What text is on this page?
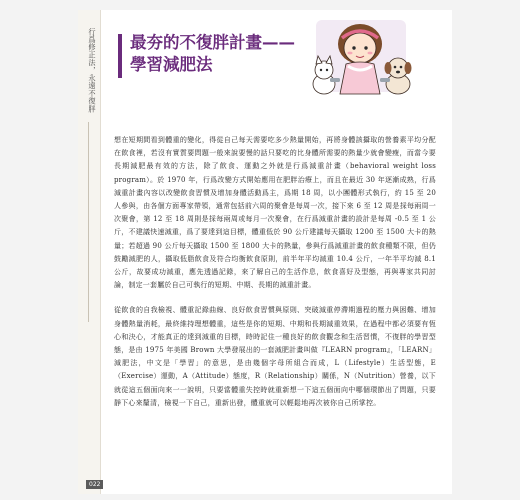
行爲修正法，永遠不復胖 最夯的不復胖計畫——
學習減肥法

想在短期間看到體重的變化，得從自己每天需要吃多少熱量開始，再將身體該攝取的營養素平均分配在飲食裡，若沒有實質要問題一般來說要慢的話只要吃的比身體所需要的熱量少就會變瘦，而當今要長期減肥最有效的方法，除了飲食、運動之外就是行爲減重計畫（behavioral weight loss program）。於 1970 年，行爲改變方式開始應用在肥胖治療上，而且在最近 30 年逐漸成熟，行爲減重計畫內容以改變飲食習慣及增加身體活動爲主，爲期 18 周，以小團體形式執行，約 15 至 20 人參與，由各個方面專家帶領，通常包括前六周的聚會是每周一次，接下來 6 至 12 周是採每兩周一次聚會，第 12 至 18 周則是採每兩周或每月一次聚會，在行爲減重計畫的設計是每周 -0.5 至 1 公斤，不建議快速減重，爲了要達到這目標，體重低於 90 公斤建議每天攝取 1200 至 1500 大卡的熱量；若超過 90 公斤每天攝取 1500 至 1800 大卡的熱量，參與行爲減重計畫的飲食種類不限，但仍鼓勵減肥的人，攝取低脂飲食及符合均衡飲食原則，前半年平均減重 10.4 公斤，一年半平均減 8.1 公斤，故要成功減重，應先透過記錄，來了解自己的生活作息，飲食喜好及型態，再與專家共同討論，制定一套屬於自己可執行的短期、中期、長期的減重計畫。

從飲食的自我檢視、體重記錄曲線、良好飲食習慣與原則、突破減重停滯期過程的壓力與困難、增加身體熱量消耗，最終維持理想體重，這些是你的短期、中期和長期減重效果，在過程中都必須要有恆心和決心，才能真正的達到減重的目標，時時記住一種良好的飲食觀念和生活習慣，不復胖的學習型態，是由 1975 年美國 Brown 大學發展出的一套減肥計畫叫做『LEARN program』，「LEARN」減肥法，中文是「學習」的意思，是由幾個字母所組合而成，L（Lifestyle）生活型態，E（Exercise）運動，A（Attitude）態度，R（Relationship）關係，N（Nutrition）營養，以下就從這五個面向來一一說明，只要當體重失控時就重新想一下這五個面向中哪個環節出了問題，只要靜下心來釐清，檢視一下自己，重新出發，體重就可以輕鬆地再次被你自己所掌控。

022
